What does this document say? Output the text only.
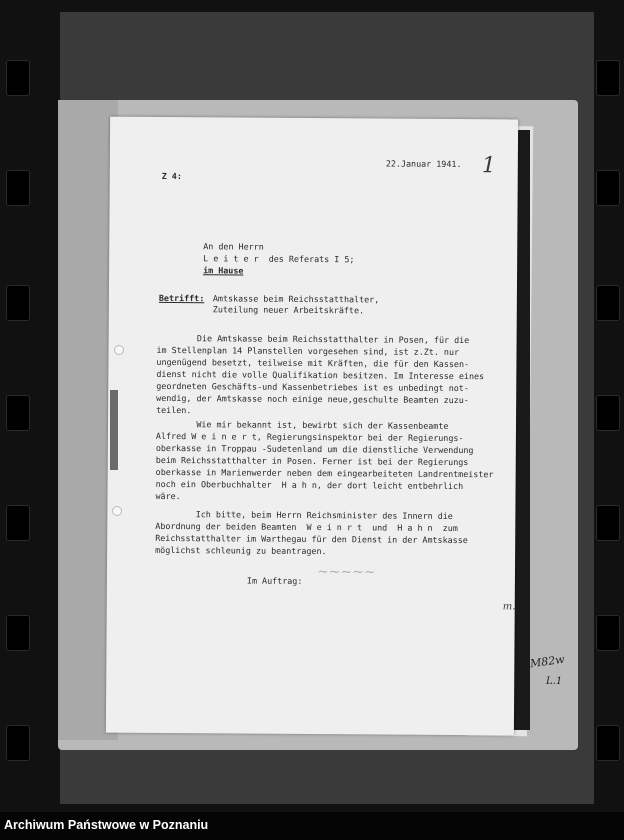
22.Januar 1941. 1
Z 4:
An den Herrn
L e i t e r  des Referats I 5;
im Hause
Betrifft: Amtskasse beim Reichsstatthalter,
Zuteilung neuer Arbeitskräfte.
Die Amtskasse beim Reichsstatthalter in Posen, für die
im Stellenplan 14 Planstellen vorgesehen sind, ist z.Zt. nur
ungenügend besetzt, teilweise mit Kräften, die für den Kassen-
dienst nicht die volle Qualifikation besitzen. Im Interesse eines
geordneten Geschäfts-und Kassenbetriebes ist es unbedingt not-
wendig, der Amtskasse noch einige neue,geschulte Beamten zuzu-
teilen.
Wie mir bekannt ist, bewirbt sich der Kassenbeamte
Alfred W e i n e r t, Regierungsinspektor bei der Regierungs-
oberkasse in Troppau -Sudetenland um die dienstliche Verwendung
beim Reichsstatthalter in Posen. Ferner ist bei der Regierungs
oberkasse in Marienwerder neben dem eingearbeiteten Landrentmeister
noch ein Oberbuchhalter  H a h n, der dort leicht entbehrlich
wäre.
Ich bitte, beim Herrn Reichsminister des Innern die
Abordnung der beiden Beamten  W e i n r t  und  H a h n  zum
Reichsstatthalter im Warthegau für den Dienst in der Amtskasse
möglichst schleunig zu beantragen.
Im Auftrag:
~~~~~
m.
M82w
L.1
Archiwum Państwowe w Poznaniu
